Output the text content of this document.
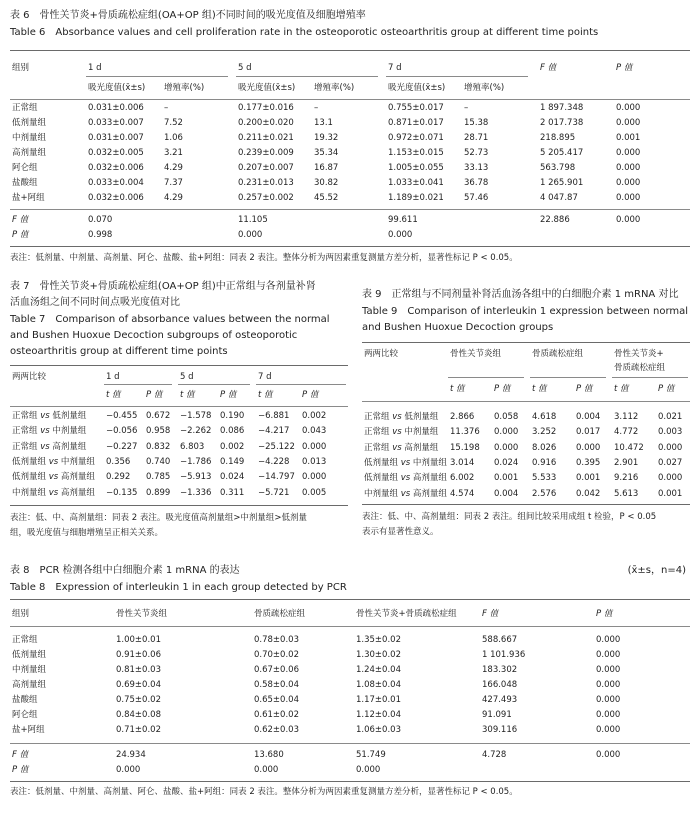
表 6　骨性关节炎+骨质疏松症组(OA+OP 组)不同时间的吸光度值及细胞增殖率
Table 6　Absorbance values and cell proliferation rate in the osteoporotic osteoarthritis group at different time points
组别	1 d	5 d	7 d	F 值	P 值
吸光度值(x̄±s) 增殖率(%)	吸光度值(x̄±s) 增殖率(%)	吸光度值(x̄±s) 增殖率(%)
正常组	0.031±0.006 –	0.177±0.016 –	0.755±0.017 –	1 897.348	0.000
低剂量组	0.033±0.007 7.52	0.200±0.020 13.1	0.871±0.017 15.38	2 017.738	0.000
中剂量组	0.031±0.007 1.06	0.211±0.021 19.32	0.972±0.071 28.71	218.895	0.001
高剂量组	0.032±0.005 3.21	0.239±0.009 35.34	1.153±0.015 52.73	5 205.417	0.000
阿仑组	0.032±0.006 4.29	0.207±0.007 16.87	1.005±0.055 33.13	563.798	0.000
盐酸组	0.033±0.004 7.37	0.231±0.013 30.82	1.033±0.041 36.78	1 265.901	0.000
盐+阿组	0.032±0.006 4.29	0.257±0.002 45.52	1.189±0.021 57.46	4 047.87	0.000
F 值	0.070	11.105	99.611	22.886	0.000
P 值	0.998	0.000	0.000
表注：低剂量、中剂量、高剂量、阿仑、盐酸、盐+阿组：同表 2 表注。整体分析为两因素重复测量方差分析，显著性标记 P < 0.05。
表 7　骨性关节炎+骨质疏松症组(OA+OP 组)中正常组与各剂量补肾
活血汤组之间不同时间点吸光度值对比
Table 7　Comparison of absorbance values between the normal
and Bushen Huoxue Decoction subgroups of osteoporotic
osteoarthritis group at different time points
两两比较	1 d	5 d	7 d
t 值	P 值 t 值	P 值	t 值	P 值
正常组 vs 低剂量组 −0.455 0.672 −1.578 0.190 −6.881 0.002
正常组 vs 中剂量组 −0.056 0.958 −2.262 0.086 −4.217 0.043
正常组 vs 高剂量组 −0.227 0.832 6.803 0.002 −25.122 0.000
低剂量组 vs 中剂量组 0.356 0.740 −1.786 0.149 −4.228 0.013
低剂量组 vs 高剂量组 0.292 0.785 −5.913 0.024 −14.797 0.000
中剂量组 vs 高剂量组 −0.135 0.899 −1.336 0.311 −5.721 0.005
表注：低、中、高剂量组：同表 2 表注。吸光度值高剂量组>中剂量组>低剂量
组，吸光度值与细胞增殖呈正相关关系。
表 9　正常组与不同剂量补肾活血汤各组中的白细胞介素 1 mRNA 对比
Table 9　Comparison of interleukin 1 expression between normal
and Bushen Huoxue Decoction groups
两两比较	骨性关节炎组	骨质疏松症组	骨性关节炎+
骨质疏松症组
t 值	P 值	t 值	P 值	t 值	P 值
正常组 vs 低剂量组 2.866 0.058 4.618 0.004 3.112 0.021
正常组 vs 中剂量组 11.376 0.000 3.252 0.017 4.772 0.003
正常组 vs 高剂量组 15.198 0.000 8.026 0.000 10.472 0.000
低剂量组 vs 中剂量组 3.014 0.024 0.916 0.395 2.901 0.027
低剂量组 vs 高剂量组 6.002 0.001 5.533 0.001 9.216 0.000
中剂量组 vs 高剂量组 4.574 0.004 2.576 0.042 5.613 0.001
表注：低、中、高剂量组：同表 2 表注。组间比较采用成组 t 检验，P < 0.05
表示有显著性意义。
表 8　PCR 检测各组中白细胞介素 1 mRNA 的表达	(x̄±s，n=4)
Table 8　Expression of interleukin 1 in each group detected by PCR
组别	骨性关节炎组	骨质疏松症组	骨性关节炎+骨质疏松症组	F 值	P 值
正常组	1.00±0.01	0.78±0.03	1.35±0.02	588.667	0.000
低剂量组	0.91±0.06	0.70±0.02	1.30±0.02	1 101.936	0.000
中剂量组	0.81±0.03	0.67±0.06	1.24±0.04	183.302	0.000
高剂量组	0.69±0.04	0.58±0.04	1.08±0.04	166.048	0.000
盐酸组	0.75±0.02	0.65±0.04	1.17±0.01	427.493	0.000
阿仑组	0.84±0.08	0.61±0.02	1.12±0.04	91.091	0.000
盐+阿组	0.71±0.02	0.62±0.03	1.06±0.03	309.116	0.000
F 值	24.934	13.680	51.749	4.728	0.000
P 值	0.000	0.000	0.000
表注：低剂量、中剂量、高剂量、阿仑、盐酸、盐+阿组：同表 2 表注。整体分析为两因素重复测量方差分析，显著性标记 P < 0.05。
